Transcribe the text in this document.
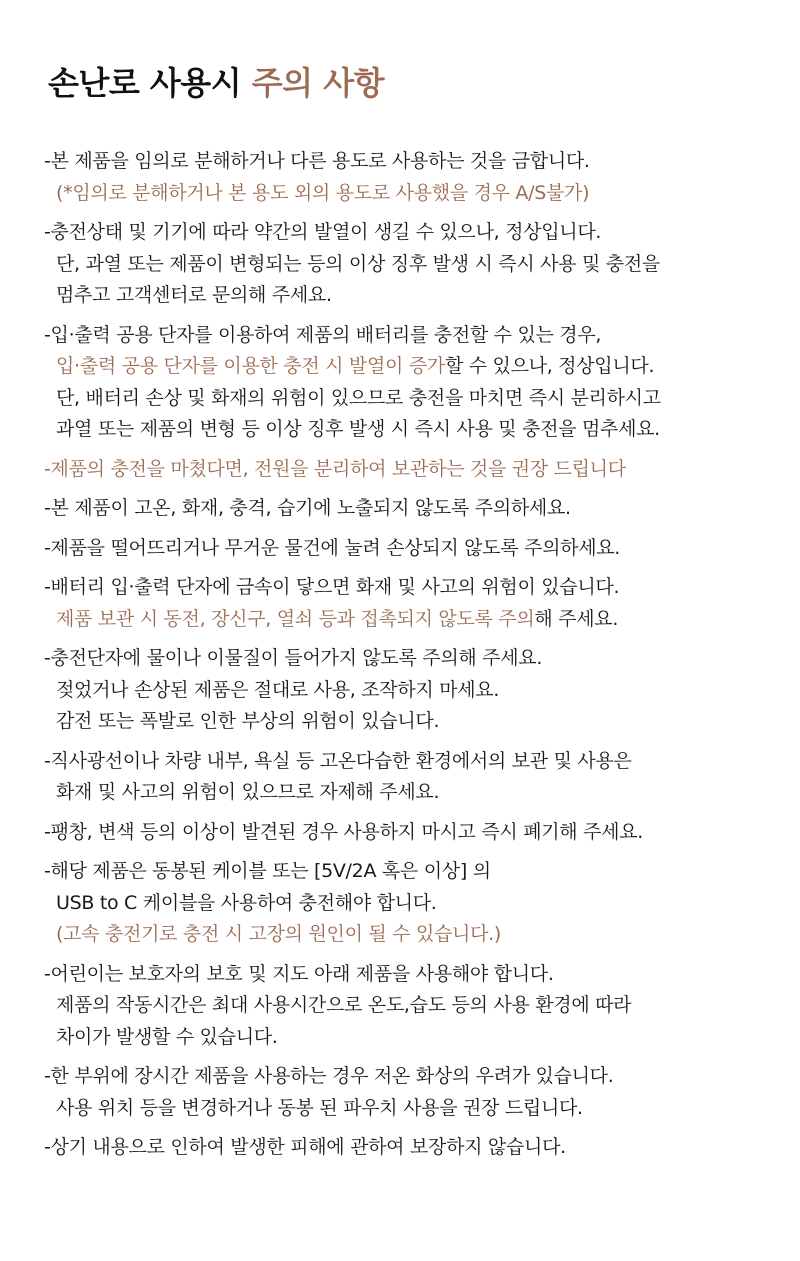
손난로 사용시 주의 사항
-본 제품을 임의로 분해하거나 다른 용도로 사용하는 것을 금합니다.
(*임의로 분해하거나 본 용도 외의 용도로 사용했을 경우 A/S불가)
-충전상태 및 기기에 따라 약간의 발열이 생길 수 있으나, 정상입니다.
단, 과열 또는 제품이 변형되는 등의 이상 징후 발생 시 즉시 사용 및 충전을
멈추고 고객센터로 문의해 주세요.
-입·출력 공용 단자를 이용하여 제품의 배터리를 충전할 수 있는 경우,
입·출력 공용 단자를 이용한 충전 시 발열이 증가할 수 있으나, 정상입니다.
단, 배터리 손상 및 화재의 위험이 있으므로 충전을 마치면 즉시 분리하시고
과열 또는 제품의 변형 등 이상 징후 발생 시 즉시 사용 및 충전을 멈추세요.
-제품의 충전을 마쳤다면, 전원을 분리하여 보관하는 것을 권장 드립니다
-본 제품이 고온, 화재, 충격, 습기에 노출되지 않도록 주의하세요.
-제품을 떨어뜨리거나 무거운 물건에 눌려 손상되지 않도록 주의하세요.
-배터리 입·출력 단자에 금속이 닿으면 화재 및 사고의 위험이 있습니다.
제품 보관 시 동전, 장신구, 열쇠 등과 접촉되지 않도록 주의해 주세요.
-충전단자에 물이나 이물질이 들어가지 않도록 주의해 주세요.
젖었거나 손상된 제품은 절대로 사용, 조작하지 마세요.
감전 또는 폭발로 인한 부상의 위험이 있습니다.
-직사광선이나 차량 내부, 욕실 등 고온다습한 환경에서의 보관 및 사용은
화재 및 사고의 위험이 있으므로 자제해 주세요.
-팽창, 변색 등의 이상이 발견된 경우 사용하지 마시고 즉시 폐기해 주세요.
-해당 제품은 동봉된 케이블 또는 [5V/2A 혹은 이상] 의
USB to C 케이블을 사용하여 충전해야 합니다.
(고속 충전기로 충전 시 고장의 원인이 될 수 있습니다.)
-어린이는 보호자의 보호 및 지도 아래 제품을 사용해야 합니다.
제품의 작동시간은 최대 사용시간으로 온도,습도 등의 사용 환경에 따라
차이가 발생할 수 있습니다.
-한 부위에 장시간 제품을 사용하는 경우 저온 화상의 우려가 있습니다.
사용 위치 등을 변경하거나 동봉 된 파우치 사용을 권장 드립니다.
-상기 내용으로 인하여 발생한 피해에 관하여 보장하지 않습니다.
